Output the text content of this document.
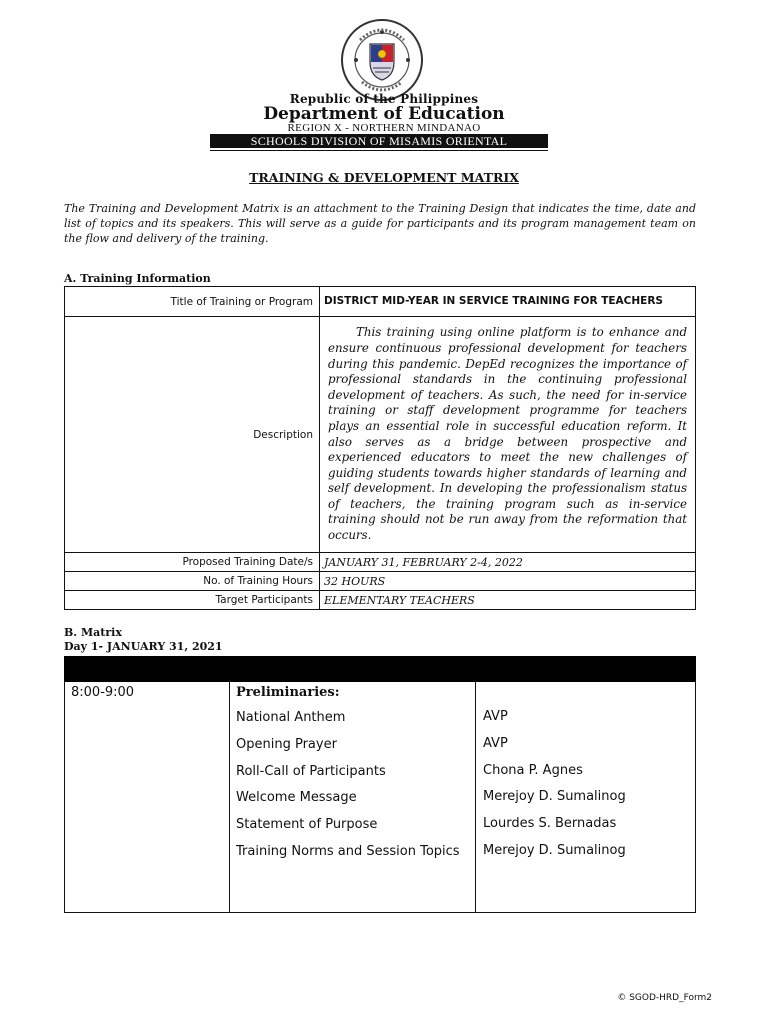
Republic of the Philippines
Department of Education
REGION X - NORTHERN MINDANAO
SCHOOLS DIVISION OF MISAMIS ORIENTAL
TRAINING & DEVELOPMENT MATRIX
The Training and Development Matrix is an attachment to the Training Design that indicates the time, date and list of topics and its speakers. This will serve as a guide for participants and its program management team on the flow and delivery of the training.
A. Training Information
Title of Training or Program	DISTRICT MID-YEAR IN SERVICE TRAINING FOR TEACHERS
Description	This training using online platform is to enhance and ensure continuous professional development for teachers during this pandemic. DepEd recognizes the importance of professional standards in the continuing professional development of teachers. As such, the need for in-service training or staff development programme for teachers plays an essential role in successful education reform. It also serves as a bridge between prospective and experienced educators to meet the new challenges of guiding students towards higher standards of learning and self development. In developing the professionalism status of teachers, the training program such as in-service training should not be run away from the reformation that occurs.
Proposed Training Date/s	JANUARY 31, FEBRUARY 2-4, 2022
No. of Training Hours	32 HOURS
Target Participants	ELEMENTARY TEACHERS
B. Matrix
Day 1- JANUARY 31, 2021
8:00-9:00	Preliminaries:
National Anthem	AVP
Opening Prayer	AVP
Roll-Call of Participants	Chona P. Agnes
Welcome Message	Merejoy D. Sumalinog
Statement of Purpose	Lourdes S. Bernadas
Training Norms and Session Topics	Merejoy D. Sumalinog
© SGOD-HRD_Form2
